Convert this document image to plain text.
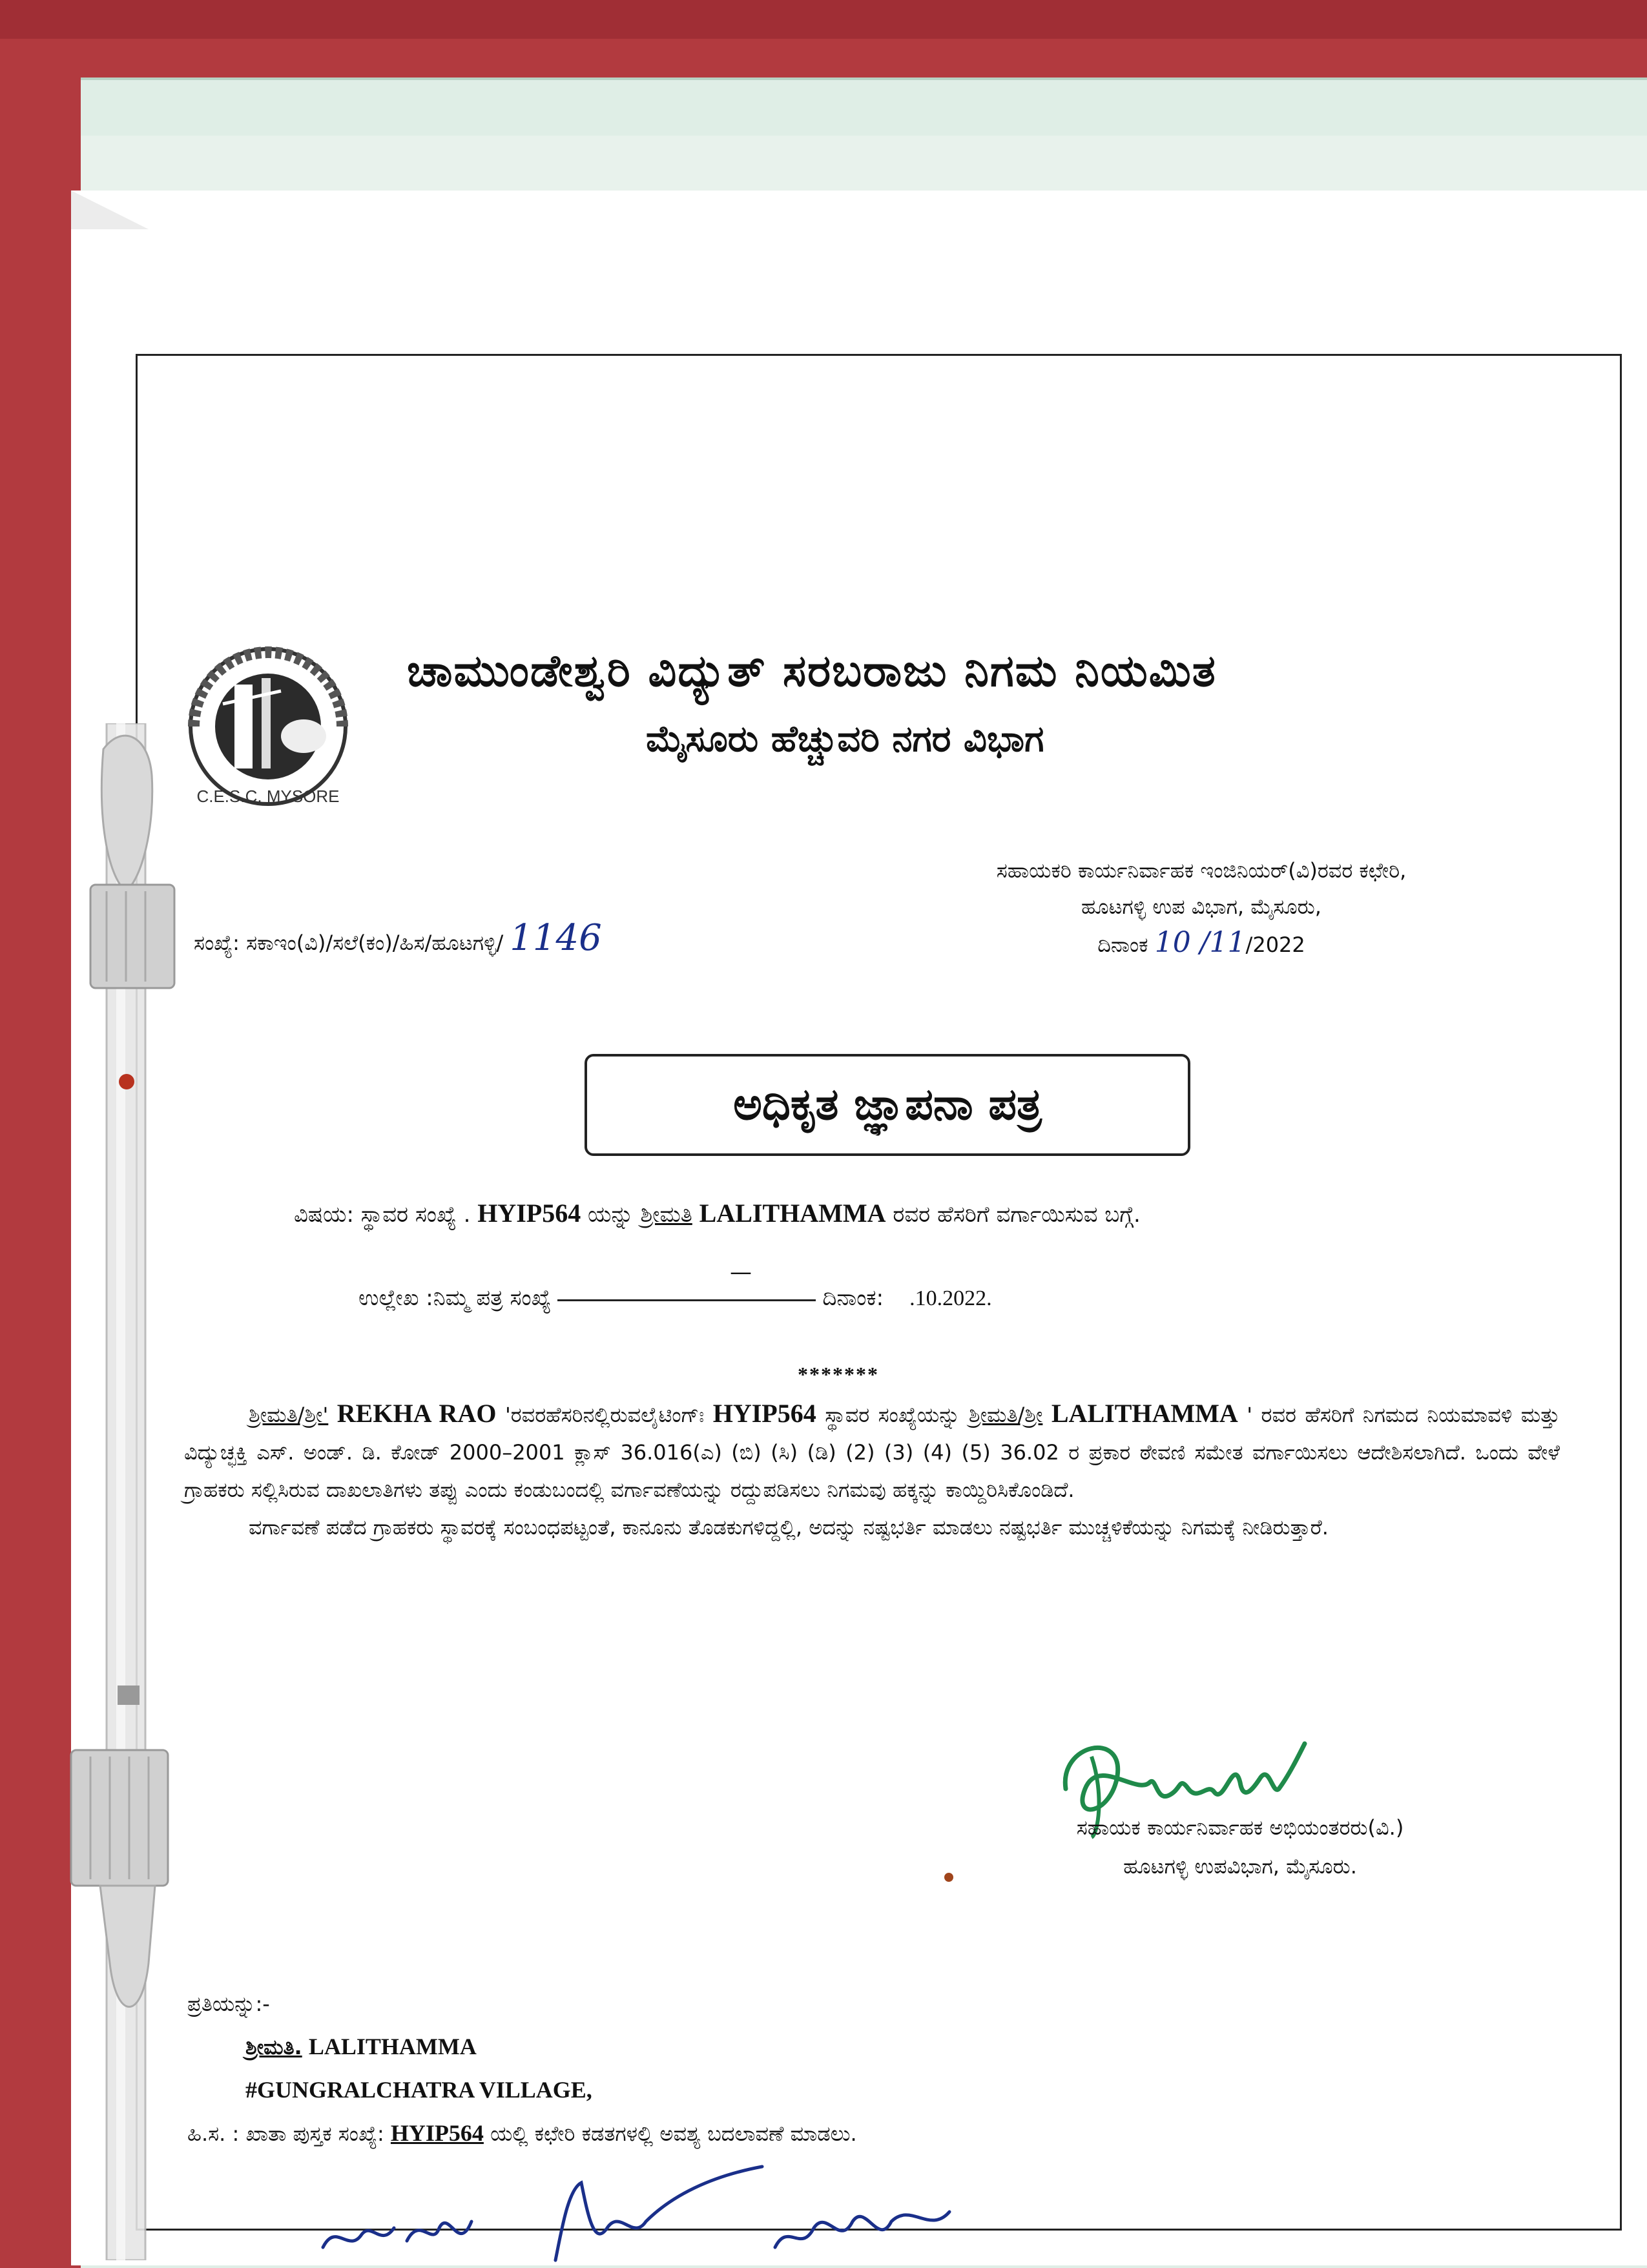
C.E.S.C. MYSORE
ಚಾಮುಂಡೇಶ್ವರಿ ವಿದ್ಯುತ್ ಸರಬರಾಜು ನಿಗಮ ನಿಯಮಿತ
ಮೈಸೂರು ಹೆಚ್ಚುವರಿ ನಗರ ವಿಭಾಗ
ಸಹಾಯಕರಿ ಕಾರ್ಯನಿರ್ವಾಹಕ ಇಂಜಿನಿಯರ್(ವಿ)ರವರ ಕಛೇರಿ,
ಹೂಟಗಳ್ಳಿ ಉಪ ವಿಭಾಗ, ಮೈಸೂರು,
ದಿನಾಂಕ 10 /11/2022
ಸಂಖ್ಯೆ: ಸಕಾಇಂ(ವಿ)/ಸಲೆ(ಕಂ)/ಹಿಸ/ಹೂಟಗಳ್ಳಿ/ 1146
ಅಧಿಕೃತ ಜ್ಞಾಪನಾ ಪತ್ರ
ವಿಷಯ: ಸ್ಥಾವರ ಸಂಖ್ಯೆ . HYIP564 ಯನ್ನು ಶ್ರೀಮತಿ LALITHAMMA ರವರ ಹೆಸರಿಗೆ ವರ್ಗಾಯಿಸುವ ಬಗ್ಗೆ.
—
ಉಲ್ಲೇಖ :ನಿಮ್ಮ ಪತ್ರ ಸಂಖ್ಯೆ	ದಿನಾಂಕ: .10.2022.
*******

ಶ್ರೀಮತಿ/ಶ್ರೀ' REKHA RAO 'ರವರಹೆಸರಿನಲ್ಲಿರುವಲೈಟಿಂಗ್ಃ HYIP564 ಸ್ಥಾವರ ಸಂಖ್ಯೆಯನ್ನು ಶ್ರೀಮತಿ/ಶ್ರೀ LALITHAMMA ' ರವರ ಹೆಸರಿಗೆ ನಿಗಮದ ನಿಯಮಾವಳಿ ಮತ್ತು ವಿದ್ಯುಚ್ಛಕ್ತಿ ಎಸ್. ಅಂಡ್. ಡಿ. ಕೋಡ್ 2000–2001 ಕ್ಲಾಸ್ 36.016(ಎ) (ಬಿ) (ಸಿ) (ಡಿ) (2) (3) (4) (5) 36.02 ರ ಪ್ರಕಾರ ಠೇವಣಿ ಸಮೇತ ವರ್ಗಾಯಿಸಲು ಆದೇಶಿಸಲಾಗಿದೆ. ಒಂದು ವೇಳೆ ಗ್ರಾಹಕರು ಸಲ್ಲಿಸಿರುವ ದಾಖಲಾತಿಗಳು ತಪ್ಪು ಎಂದು ಕಂಡುಬಂದಲ್ಲಿ ವರ್ಗಾವಣೆಯನ್ನು ರದ್ದುಪಡಿಸಲು ನಿಗಮವು ಹಕ್ಕನ್ನು ಕಾಯ್ದಿರಿಸಿಕೊಂಡಿದೆ.

ವರ್ಗಾವಣೆ ಪಡೆದ ಗ್ರಾಹಕರು ಸ್ಥಾವರಕ್ಕೆ ಸಂಬಂಧಪಟ್ಟಂತೆ, ಕಾನೂನು ತೊಡಕುಗಳಿದ್ದಲ್ಲಿ, ಅದನ್ನು ನಷ್ಟಭರ್ತಿ ಮಾಡಲು ನಷ್ಟಭರ್ತಿ ಮುಚ್ಚಳಿಕೆಯನ್ನು ನಿಗಮಕ್ಕೆ ನೀಡಿರುತ್ತಾರೆ.

ಸಹಾಯಕ ಕಾರ್ಯನಿರ್ವಾಹಕ ಅಭಿಯಂತರರು(ವಿ.)
ಹೂಟಗಳ್ಳಿ ಉಪವಿಭಾಗ, ಮೈಸೂರು.
ಪ್ರತಿಯನ್ನು:-
ಶ್ರೀಮತಿ. LALITHAMMA
#GUNGRALCHATRA VILLAGE,
ಹಿ.ಸ. : ಖಾತಾ ಪುಸ್ತಕ ಸಂಖ್ಯೆ: HYIP564 ಯಲ್ಲಿ ಕಛೇರಿ ಕಡತಗಳಲ್ಲಿ ಅವಶ್ಯ ಬದಲಾವಣೆ ಮಾಡಲು.
